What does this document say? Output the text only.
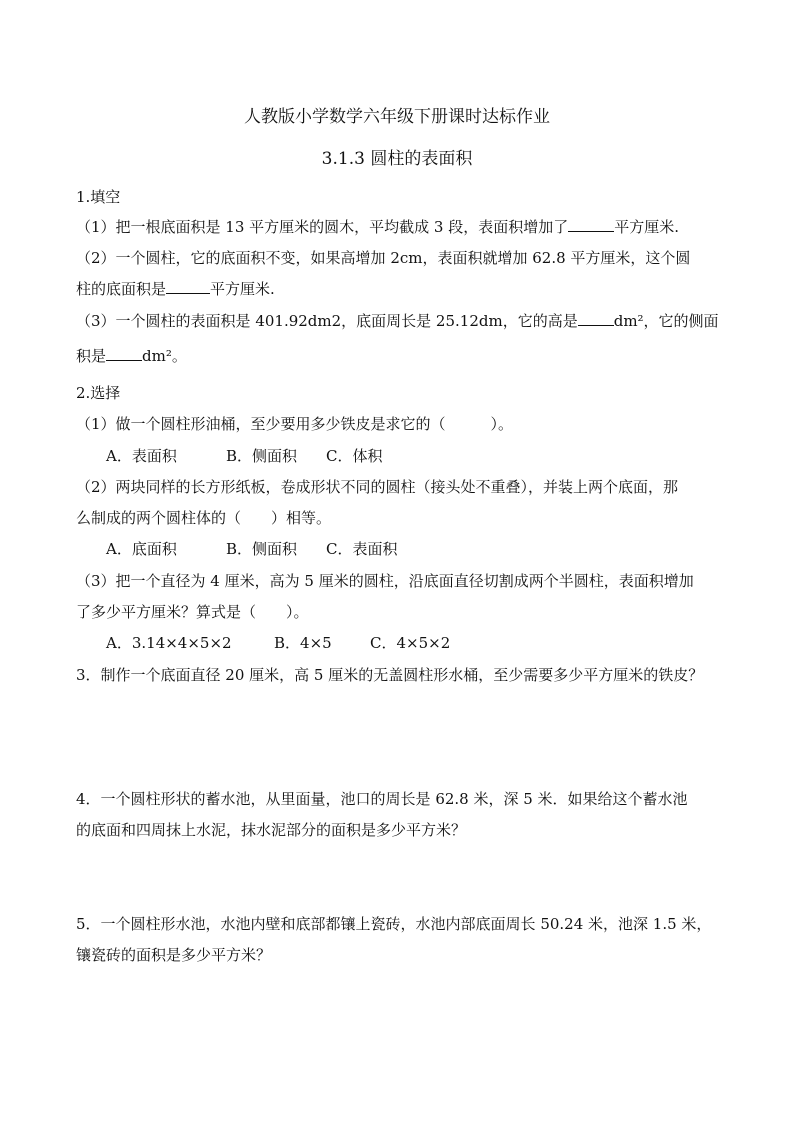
人教版小学数学六年级下册课时达标作业
3.1.3 圆柱的表面积
1.填空
（1）把一根底面积是 13 平方厘米的圆木，平均截成 3 段，表面积增加了	平方厘米.
（2）一个圆柱，它的底面积不变，如果高增加 2cm，表面积就增加 62.8 平方厘米，这个圆
柱的底面积是	平方厘米.
（3）一个圆柱的表面积是 401.92dm2，底面周长是 25.12dm，它的高是 dm²，它的侧面
积是 dm²。
2.选择
（1）做一个圆柱形油桶，至少要用多少铁皮是求它的（　　　）。
A．表面积	B．侧面积 C．体积
（2）两块同样的长方形纸板，卷成形状不同的圆柱（接头处不重叠），并装上两个底面，那
么制成的两个圆柱体的（　　）相等。
A．底面积	B．侧面积 C．表面积
（3）把一个直径为 4 厘米，高为 5 厘米的圆柱，沿底面直径切割成两个半圆柱，表面积增加
了多少平方厘米？算式是（　　）。
A．3.14×4×5×2	B．4×5	C．4×5×2
3．制作一个底面直径 20 厘米，高 5 厘米的无盖圆柱形水桶，至少需要多少平方厘米的铁皮？
4．一个圆柱形状的蓄水池，从里面量，池口的周长是 62.8 米，深 5 米．如果给这个蓄水池
的底面和四周抹上水泥，抹水泥部分的面积是多少平方米？
5．一个圆柱形水池，水池内壁和底部都镶上瓷砖，水池内部底面周长 50.24 米，池深 1.5 米，
镶瓷砖的面积是多少平方米？
